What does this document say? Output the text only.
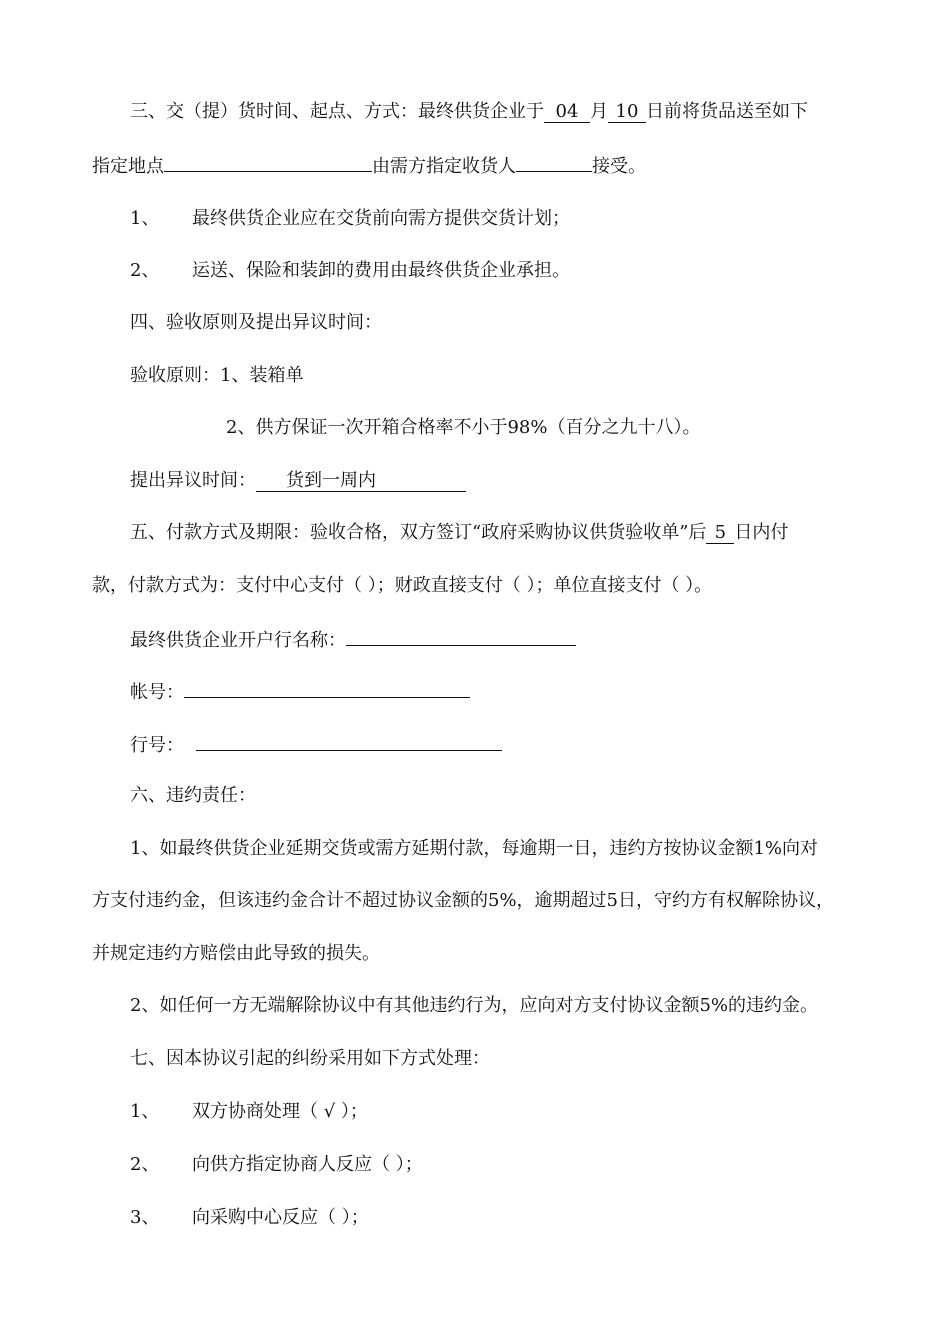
三、交（提）货时间、起点、方式：最终供货企业于 04 月 10 日前将货品送至如下
指定地点	由需方指定收货人	接受。
1、 最终供货企业应在交货前向需方提供交货计划；
2、 运送、保险和装卸的费用由最终供货企业承担。
四、验收原则及提出异议时间：
验收原则：1、装箱单
2、供方保证一次开箱合格率不小于98%（百分之九十八）。
提出异议时间： 货到一周内
五、付款方式及期限：验收合格，双方签订“政府采购协议供货验收单”后 5 日内付
款，付款方式为：支付中心支付（ ）；财政直接支付（ ）；单位直接支付（ ）。
最终供货企业开户行名称：
帐号：
行号：
六、违约责任：
1、如最终供货企业延期交货或需方延期付款，每逾期一日，违约方按协议金额1%向对
方支付违约金，但该违约金合计不超过协议金额的5%，逾期超过5日，守约方有权解除协议，
并规定违约方赔偿由此导致的损失。
2、如任何一方无端解除协议中有其他违约行为，应向对方支付协议金额5%的违约金。
七、因本协议引起的纠纷采用如下方式处理：
1、 双方协商处理（ √ ）；
2、 向供方指定协商人反应（ ）；
3、 向采购中心反应（ ）；
